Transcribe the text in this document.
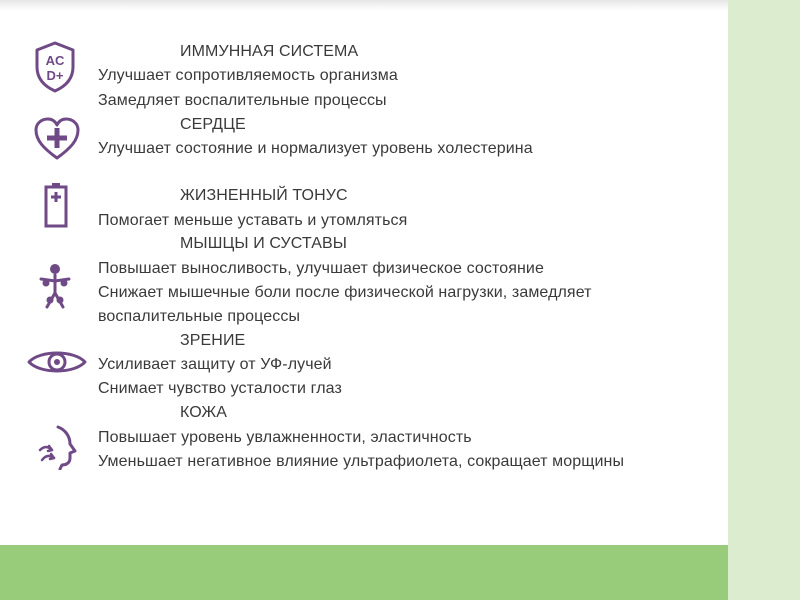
AC
D+
ИММУННАЯ СИСТЕМА
Улучшает сопротивляемость организма
Замедляет воспалительные процессы
СЕРДЦЕ
Улучшает состояние и нормализует уровень холестерина
ЖИЗНЕННЫЙ ТОНУС
Помогает меньше уставать и утомляться
МЫШЦЫ И СУСТАВЫ
Повышает выносливость, улучшает физическое состояние
Снижает мышечные боли после физической нагрузки, замедляет
воспалительные процессы
ЗРЕНИЕ
Усиливает защиту от УФ-лучей
Снимает чувство усталости глаз
КОЖА
Повышает уровень увлажненности, эластичность
Уменьшает негативное влияние ультрафиолета, сокращает морщины
